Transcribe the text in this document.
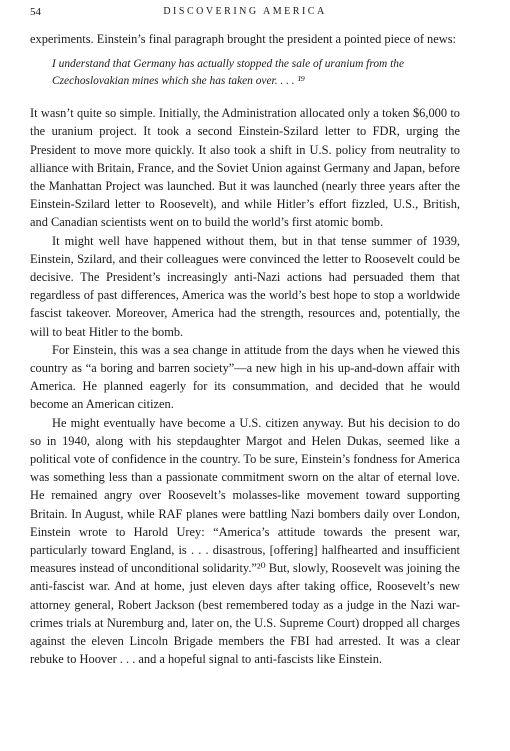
54	DISCOVERING AMERICA

experiments. Einstein’s final paragraph brought the president a pointed piece of news:

I understand that Germany has actually stopped the sale of uranium from the Czechoslovakian mines which she has taken over. . . . ¹⁹

It wasn’t quite so simple. Initially, the Administration allocated only a token $6,000 to the uranium project. It took a second Einstein-Szilard letter to FDR, urging the President to move more quickly. It also took a shift in U.S. policy from neutrality to alliance with Britain, France, and the Soviet Union against Germany and Japan, before the Manhattan Project was launched. But it was launched (nearly three years after the Einstein-Szilard letter to Roosevelt), and while Hitler’s effort fizzled, U.S., British, and Canadian scientists went on to build the world’s first atomic bomb.

It might well have happened without them, but in that tense summer of 1939, Einstein, Szilard, and their colleagues were convinced the letter to Roosevelt could be decisive. The President’s increasingly anti-Nazi actions had persuaded them that regardless of past differences, America was the world’s best hope to stop a worldwide fascist takeover. Moreover, America had the strength, resources and, potentially, the will to beat Hitler to the bomb.

For Einstein, this was a sea change in attitude from the days when he viewed this country as “a boring and barren society”—a new high in his up-and-down affair with America. He planned eagerly for its consummation, and decided that he would become an American citizen.

He might eventually have become a U.S. citizen anyway. But his decision to do so in 1940, along with his stepdaughter Margot and Helen Dukas, seemed like a political vote of confidence in the country. To be sure, Einstein’s fondness for America was something less than a passionate commitment sworn on the altar of eternal love. He remained angry over Roosevelt’s molasses-like movement toward supporting Britain. In August, while RAF planes were battling Nazi bombers daily over London, Einstein wrote to Harold Urey: “America’s attitude towards the present war, particularly toward England, is . . . disastrous, [offering] halfhearted and insufficient measures instead of unconditional solidarity.”²⁰ But, slowly, Roosevelt was joining the anti-fascist war. And at home, just eleven days after taking office, Roosevelt’s new attorney general, Robert Jackson (best remembered today as a judge in the Nazi war-crimes trials at Nuremburg and, later on, the U.S. Supreme Court) dropped all charges against the eleven Lincoln Brigade members the FBI had arrested. It was a clear rebuke to Hoover . . . and a hopeful signal to anti-fascists like Einstein.
